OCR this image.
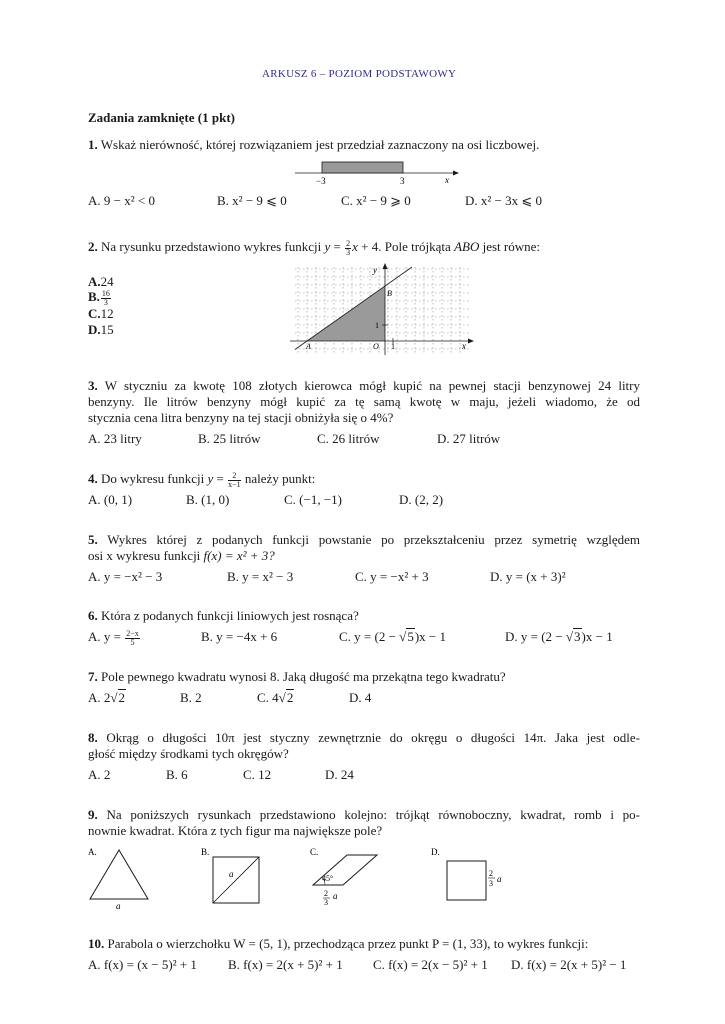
ARKUSZ 6 – POZIOM PODSTAWOWY
Zadania zamknięte (1 pkt)
1. Wskaż nierówność, której rozwiązaniem jest przedział zaznaczony na osi liczbowej.
−3	3	x
A. 9 − x² < 0	B. x² − 9 ⩽ 0	C. x² − 9 ⩾ 0	D. x² − 3x ⩽ 0
2. Na rysunku przedstawiono wykres funkcji $y = \frac{2}{3}$ x + 4. Pole trójkąta ABO jest równe:
A.24
B. $\frac{16}{3}$
C.12
D.15
y
x
B
A	O 1
1
3. W styczniu za kwotę 108 złotych kierowca mógł kupić na pewnej stacji benzynowej 24 litry
benzyny. Ile litrów benzyny mógł kupić za tę samą kwotę w maju, jeżeli wiadomo, że od
stycznia cena litra benzyny na tej stacji obniżyła się o 4%?
A. 23 litry	B. 25 litrów	C. 26 litrów	D. 27 litrów
4. Do wykresu funkcji $y = \frac{2}{x-1}$ należy punkt:
A. (0, 1)	B. (1, 0)	C. (−1, −1)	D. (2, 2)
5. Wykres której z podanych funkcji powstanie po przekształceniu przez symetrię względem
osi x wykresu funkcji f(x) = x² + 3?
A. y = −x² − 3	B. y = x² − 3	C. y = −x² + 3	D. y = (x + 3)²
6. Która z podanych funkcji liniowych jest rosnąca?
A. $y = \frac{2-x}{5}$	B. y = −4x + 6	C. y = (2 − √5)x − 1	D. y = (2 − √3)x − 1
7. Pole pewnego kwadratu wynosi 8. Jaką długość ma przekątna tego kwadratu?
A. 2√2	B. 2	C. 4√2	D. 4
8. Okrąg o długości 10π jest styczny zewnętrznie do okręgu o długości 14π. Jaka jest odle-
głość między środkami tych okręgów?
A. 2	B. 6	C. 12	D. 24
9. Na poniższych rysunkach przedstawiono kolejno: trójkąt równoboczny, kwadrat, romb i po-
nownie kwadrat. Która z tych figur ma największe pole?
A.	B.	C.	D.
a
a	45°
2
3
a
2
3 a
10. Parabola o wierzchołku W = (5, 1), przechodząca przez punkt P = (1, 33), to wykres funkcji:
A. f(x) = (x − 5)² + 1 B. f(x) = 2(x + 5)² + 1 C. f(x) = 2(x − 5)² + 1 D. f(x) = 2(x + 5)² − 1
